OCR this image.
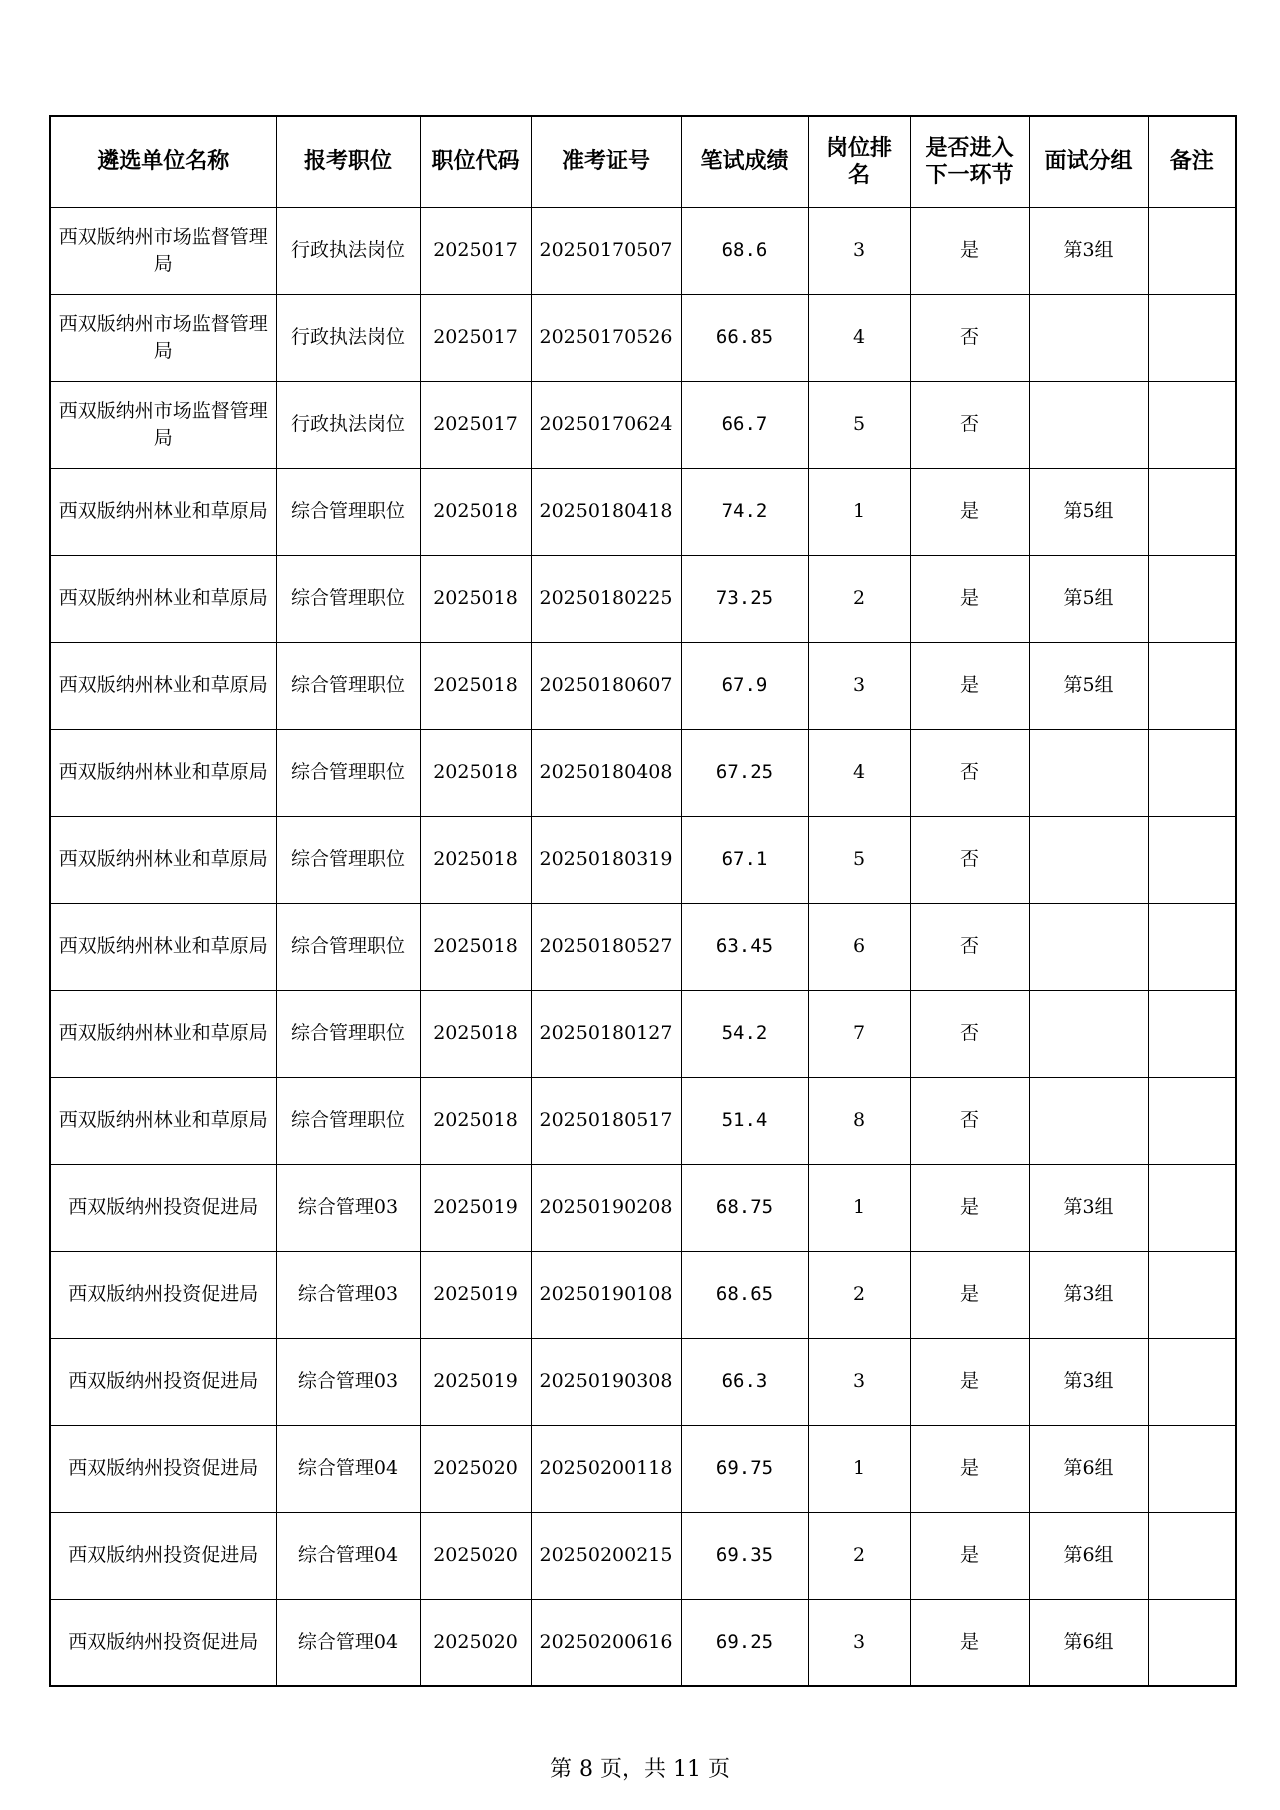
遴选单位名称	报考职位	职位代码	准考证号	笔试成绩	岗位排名	是否进入下一环节	面试分组	备注
西双版纳州市场监督管理局	行政执法岗位	2025017	20250170507	68.6	3	是	第3组	
西双版纳州市场监督管理局	行政执法岗位	2025017	20250170526	66.85	4	否		
西双版纳州市场监督管理局	行政执法岗位	2025017	20250170624	66.7	5	否		
西双版纳州林业和草原局	综合管理职位	2025018	20250180418	74.2	1	是	第5组	
西双版纳州林业和草原局	综合管理职位	2025018	20250180225	73.25	2	是	第5组	
西双版纳州林业和草原局	综合管理职位	2025018	20250180607	67.9	3	是	第5组	
西双版纳州林业和草原局	综合管理职位	2025018	20250180408	67.25	4	否		
西双版纳州林业和草原局	综合管理职位	2025018	20250180319	67.1	5	否		
西双版纳州林业和草原局	综合管理职位	2025018	20250180527	63.45	6	否		
西双版纳州林业和草原局	综合管理职位	2025018	20250180127	54.2	7	否		
西双版纳州林业和草原局	综合管理职位	2025018	20250180517	51.4	8	否		
西双版纳州投资促进局	综合管理03	2025019	20250190208	68.75	1	是	第3组	
西双版纳州投资促进局	综合管理03	2025019	20250190108	68.65	2	是	第3组	
西双版纳州投资促进局	综合管理03	2025019	20250190308	66.3	3	是	第3组	
西双版纳州投资促进局	综合管理04	2025020	20250200118	69.75	1	是	第6组	
西双版纳州投资促进局	综合管理04	2025020	20250200215	69.35	2	是	第6组	
西双版纳州投资促进局	综合管理04	2025020	20250200616	69.25	3	是	第6组	
第 8 页，共 11 页
